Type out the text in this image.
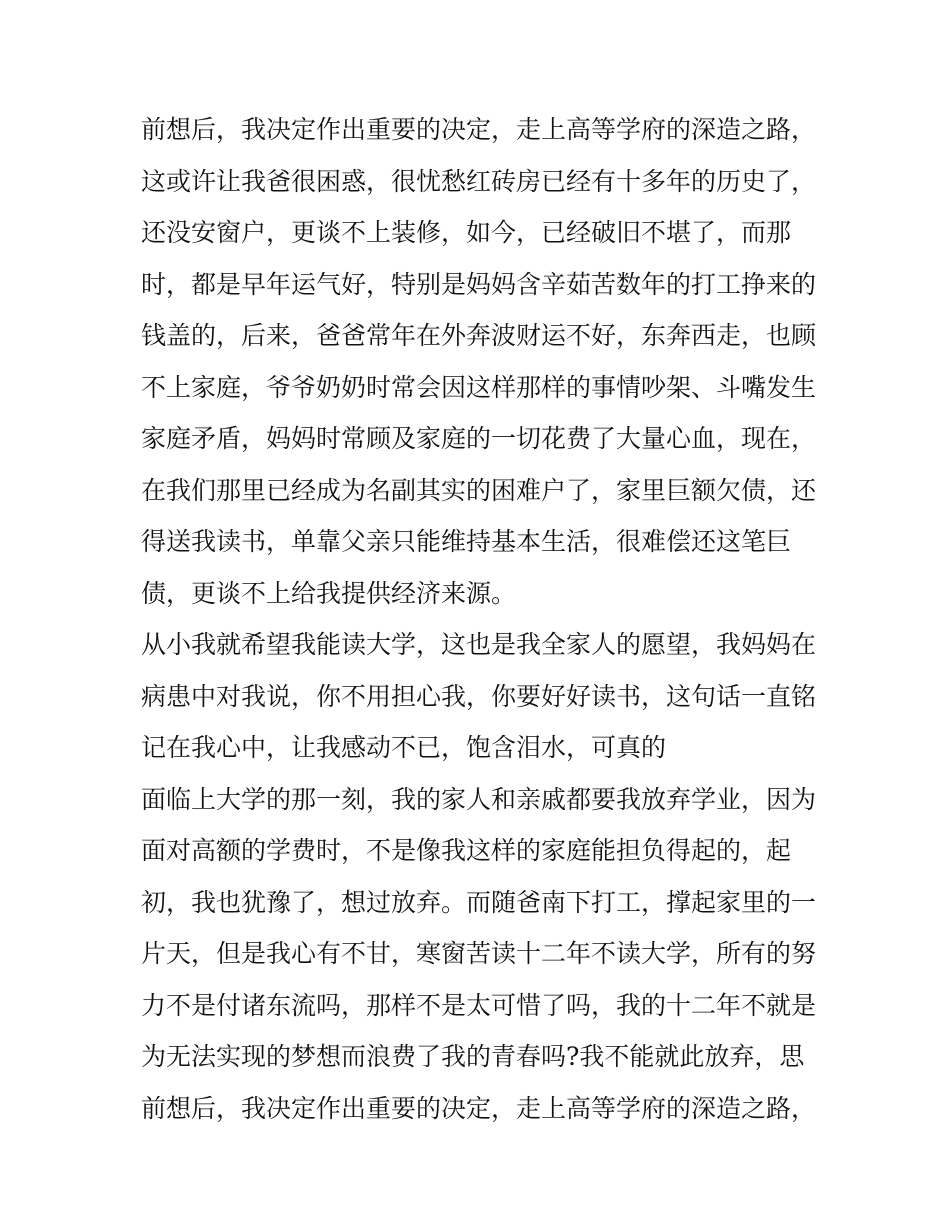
前想后，我决定作出重要的决定，走上高等学府的深造之路，
这或许让我爸很困惑，很忧愁红砖房已经有十多年的历史了，
还没安窗户，更谈不上装修，如今，已经破旧不堪了，而那
时，都是早年运气好，特别是妈妈含辛茹苦数年的打工挣来的
钱盖的，后来，爸爸常年在外奔波财运不好，东奔西走，也顾
不上家庭，爷爷奶奶时常会因这样那样的事情吵架、斗嘴发生
家庭矛盾，妈妈时常顾及家庭的一切花费了大量心血，现在，
在我们那里已经成为名副其实的困难户了，家里巨额欠债，还
得送我读书，单靠父亲只能维持基本生活，很难偿还这笔巨
债，更谈不上给我提供经济来源。
从小我就希望我能读大学，这也是我全家人的愿望，我妈妈在
病患中对我说，你不用担心我，你要好好读书，这句话一直铭
记在我心中，让我感动不已，饱含泪水，可真的
面临上大学的那一刻，我的家人和亲戚都要我放弃学业，因为
面对高额的学费时，不是像我这样的家庭能担负得起的，起
初，我也犹豫了，想过放弃。而随爸南下打工，撑起家里的一
片天，但是我心有不甘，寒窗苦读十二年不读大学，所有的努
力不是付诸东流吗，那样不是太可惜了吗，我的十二年不就是
为无法实现的梦想而浪费了我的青春吗?我不能就此放弃，思
前想后，我决定作出重要的决定，走上高等学府的深造之路，
